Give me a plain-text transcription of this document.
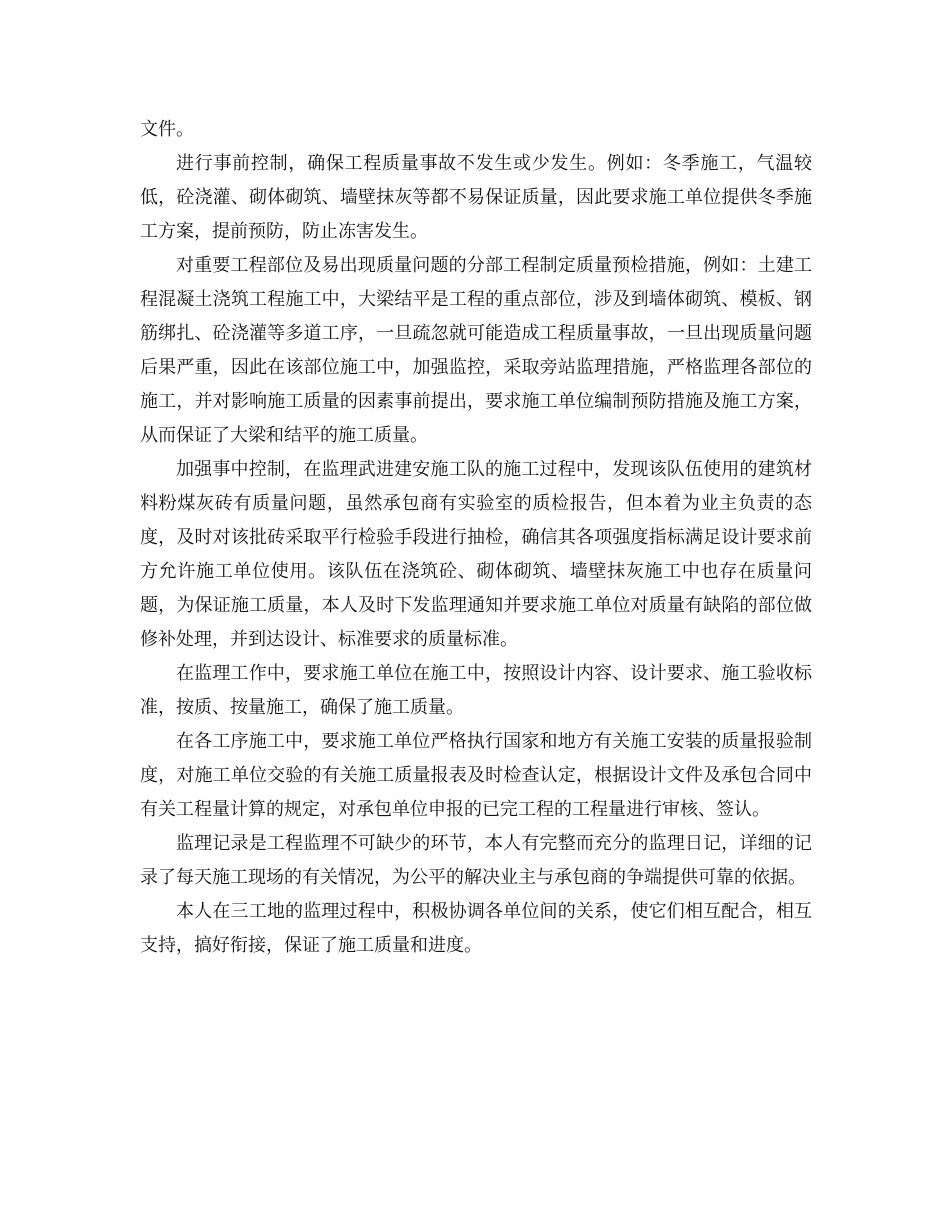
文件。

进行事前控制，确保工程质量事故不发生或少发生。例如：冬季施工，气温较低，砼浇灌、砌体砌筑、墙壁抹灰等都不易保证质量，因此要求施工单位提供冬季施工方案，提前预防，防止冻害发生。

对重要工程部位及易出现质量问题的分部工程制定质量预检措施，例如：土建工程混凝土浇筑工程施工中，大梁结平是工程的重点部位，涉及到墙体砌筑、模板、钢筋绑扎、砼浇灌等多道工序，一旦疏忽就可能造成工程质量事故，一旦出现质量问题后果严重，因此在该部位施工中，加强监控，采取旁站监理措施，严格监理各部位的施工，并对影响施工质量的因素事前提出，要求施工单位编制预防措施及施工方案，从而保证了大梁和结平的施工质量。

加强事中控制，在监理武进建安施工队的施工过程中，发现该队伍使用的建筑材料粉煤灰砖有质量问题，虽然承包商有实验室的质检报告，但本着为业主负责的态度，及时对该批砖采取平行检验手段进行抽检，确信其各项强度指标满足设计要求前方允许施工单位使用。该队伍在浇筑砼、砌体砌筑、墙壁抹灰施工中也存在质量问题，为保证施工质量，本人及时下发监理通知并要求施工单位对质量有缺陷的部位做修补处理，并到达设计、标准要求的质量标准。

在监理工作中，要求施工单位在施工中，按照设计内容、设计要求、施工验收标准，按质、按量施工，确保了施工质量。

在各工序施工中，要求施工单位严格执行国家和地方有关施工安装的质量报验制度，对施工单位交验的有关施工质量报表及时检查认定，根据设计文件及承包合同中有关工程量计算的规定，对承包单位申报的已完工程的工程量进行审核、签认。

监理记录是工程监理不可缺少的环节，本人有完整而充分的监理日记，详细的记录了每天施工现场的有关情况，为公平的解决业主与承包商的争端提供可靠的依据。

本人在三工地的监理过程中，积极协调各单位间的关系，使它们相互配合，相互支持，搞好衔接，保证了施工质量和进度。
